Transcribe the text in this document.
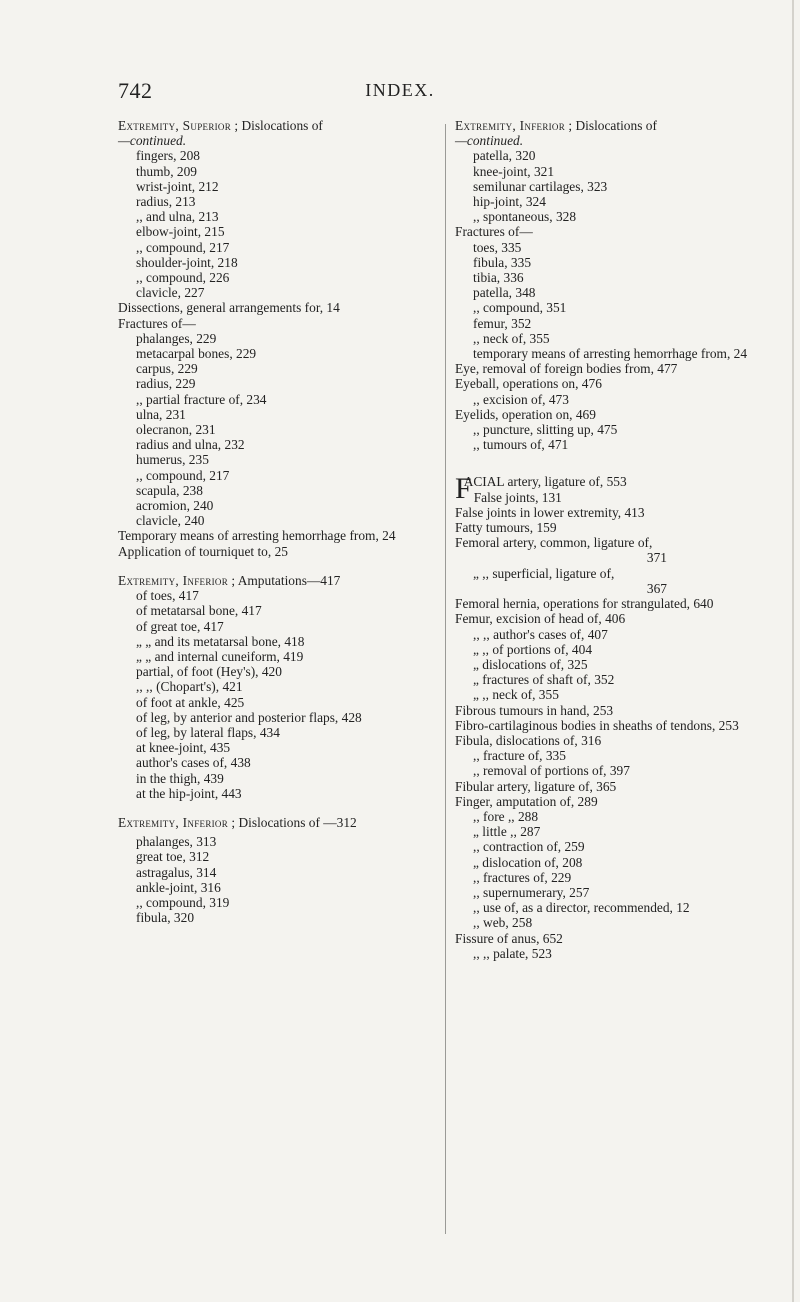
742	INDEX.
Extremity, Superior ; Dislocations of
—continued.
fingers, 208
thumb, 209
wrist-joint, 212
radius, 213
,, and ulna, 213
elbow-joint, 215
,, compound, 217
shoulder-joint, 218
,, compound, 226
clavicle, 227
Dissections, general arrangements for, 14
Fractures of—
phalanges, 229
metacarpal bones, 229
carpus, 229
radius, 229
,, partial fracture of, 234
ulna, 231
olecranon, 231
radius and ulna, 232
humerus, 235
,, compound, 217
scapula, 238
acromion, 240
clavicle, 240
Temporary means of arresting hemorrhage from, 24
Application of tourniquet to, 25
Extremity, Inferior ; Amputations—417
of toes, 417
of metatarsal bone, 417
of great toe, 417
„ „ and its metatarsal bone, 418
„ „ and internal cuneiform, 419
partial, of foot (Hey's), 420
,, ,, (Chopart's), 421
of foot at ankle, 425
of leg, by anterior and posterior flaps, 428
of leg, by lateral flaps, 434
at knee-joint, 435
author's cases of, 438
in the thigh, 439
at the hip-joint, 443
Extremity, Inferior ; Dislocations of —312
phalanges, 313
great toe, 312
astragalus, 314
ankle-joint, 316
,, compound, 319
fibula, 320
Extremity, Inferior ; Dislocations of
—continued.
patella, 320
knee-joint, 321
semilunar cartilages, 323
hip-joint, 324
,, spontaneous, 328
Fractures of—
toes, 335
fibula, 335
tibia, 336
patella, 348
,, compound, 351
femur, 352
,, neck of, 355
temporary means of arresting hemorrhage from, 24
Eye, removal of foreign bodies from, 477
Eyeball, operations on, 476
,, excision of, 473
Eyelids, operation on, 469
,, puncture, slitting up, 475
,, tumours of, 471
F
ACIAL artery, ligature of, 553
False joints, 131
False joints in lower extremity, 413
Fatty tumours, 159
Femoral artery, common, ligature of,
371
„ ,, superficial, ligature of,
367
Femoral hernia, operations for strangulated, 640
Femur, excision of head of, 406
,, ,, author's cases of, 407
„ ,, of portions of, 404
„ dislocations of, 325
„ fractures of shaft of, 352
„ ,, neck of, 355
Fibrous tumours in hand, 253
Fibro-cartilaginous bodies in sheaths of tendons, 253
Fibula, dislocations of, 316
,, fracture of, 335
,, removal of portions of, 397
Fibular artery, ligature of, 365
Finger, amputation of, 289
,, fore ,, 288
„ little ,, 287
,, contraction of, 259
„ dislocation of, 208
,, fractures of, 229
,, supernumerary, 257
,, use of, as a director, recommended, 12
,, web, 258
Fissure of anus, 652
,, ,, palate, 523
